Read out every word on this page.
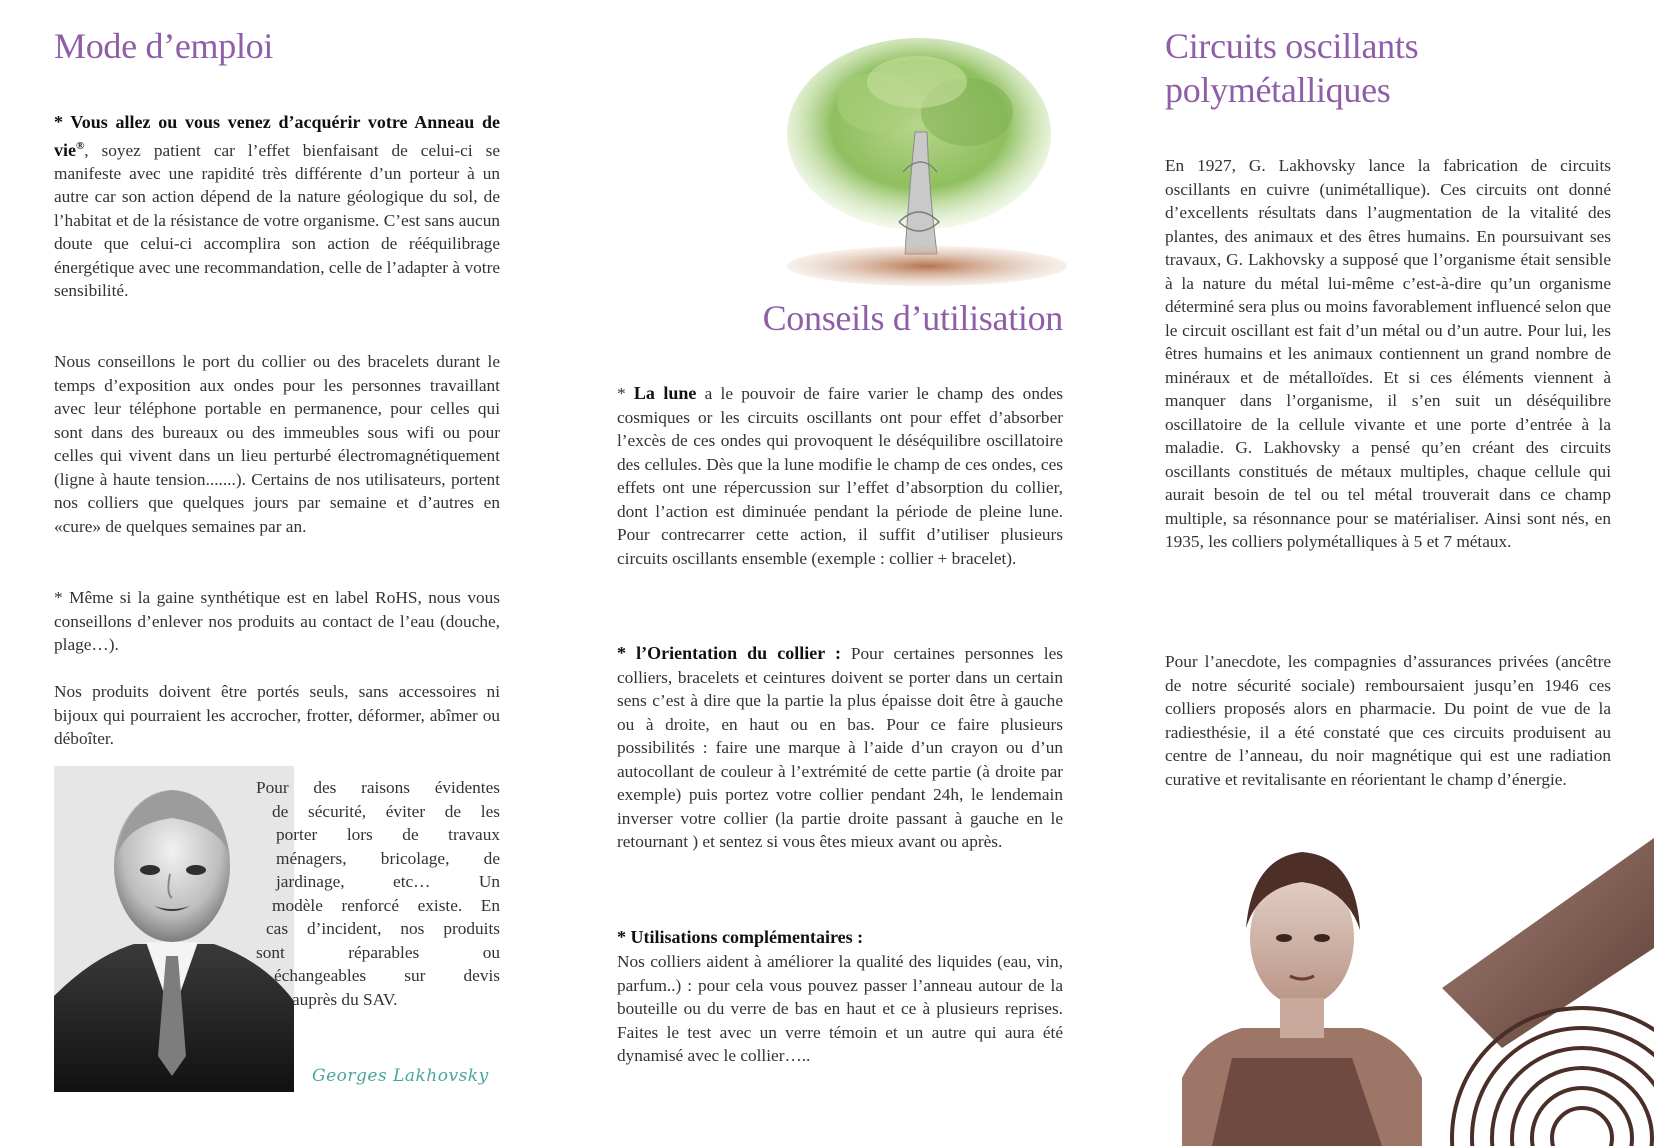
Mode d’emploi

* Vous allez ou vous venez d’acquérir votre Anneau de vie®, soyez patient car l’effet bienfaisant de celui-ci se manifeste avec une rapidité très différente d’un porteur à un autre car son action dépend de la nature géologique du sol, de l’habitat et de la résistance de votre organisme. C’est sans aucun doute que celui-ci accomplira son action de rééquilibrage énergétique avec une recommandation, celle de l’adapter à votre sensibilité.

Nous conseillons le port du collier ou des bracelets durant le temps d’exposition aux ondes pour les personnes travaillant avec leur téléphone portable en permanence, pour celles qui sont dans des bureaux ou des immeubles sous wifi ou pour celles qui vivent dans un lieu perturbé électromagnétiquement (ligne à haute tension.......). Certains de nos utilisateurs, portent nos colliers que quelques jours par semaine et d’autres en «cure» de quelques semaines par an.

* Même si la gaine synthétique est en label RoHS, nous vous conseillons d’enlever nos produits au contact de l’eau (douche, plage…).

Nos produits doivent être portés seuls, sans accessoires ni bijoux qui pourraient les accrocher, frotter, déformer, abîmer ou déboîter.

Pour des raisons évidentes
de sécurité, éviter de les
porter lors de travaux
ménagers, bricolage, de
jardinage, etc… Un
modèle renforcé existe. En
cas d’incident, nos produits
sont réparables ou
échangeables sur devis
auprès du SAV.

Georges Lakhovsky
Conseils d’utilisation

* La lune a le pouvoir de faire varier le champ des ondes cosmiques or les circuits oscillants ont pour effet d’absorber l’excès de ces ondes qui provoquent le déséquilibre oscillatoire des cellules. Dès que la lune modifie le champ de ces ondes, ces effets ont une répercussion sur l’effet d’absorption du collier, dont l’action est diminuée pendant la période de pleine lune. Pour contrecarrer cette action, il suffit d’utiliser plusieurs circuits oscillants ensemble (exemple : collier + bracelet).

* l’Orientation du collier : Pour certaines personnes les colliers, bracelets et ceintures doivent se porter dans un certain sens c’est à dire que la partie la plus épaisse doit être à gauche ou à droite, en haut ou en bas. Pour ce faire plusieurs possibilités : faire une marque à l’aide d’un crayon ou d’un autocollant de couleur à l’extrémité de cette partie (à droite par exemple) puis portez votre collier pendant 24h, le lendemain inverser votre collier (la partie droite passant à gauche en le retournant ) et sentez si vous êtes mieux avant ou après.

* Utilisations complémentaires :

Nos colliers aident à améliorer la qualité des liquides (eau, vin, parfum..) : pour cela vous pouvez passer l’anneau autour de la bouteille ou du verre de bas en haut et ce à plusieurs reprises. Faites le test avec un verre témoin et un autre qui aura été dynamisé avec le collier…..

Circuits oscillants polymétalliques

En 1927, G. Lakhovsky lance la fabrication de circuits oscillants en cuivre (unimétallique). Ces circuits ont donné d’excellents résultats dans l’augmentation de la vitalité des plantes, des animaux et des êtres humains. En poursuivant ses travaux, G. Lakhovsky a supposé que l’organisme était sensible à la nature du métal lui-même c’est-à-dire qu’un organisme déterminé sera plus ou moins favorablement influencé selon que le circuit oscillant est fait d’un métal ou d’un autre. Pour lui, les êtres humains et les animaux contiennent un grand nombre de minéraux et de métalloïdes. Et si ces éléments viennent à manquer dans l’organisme, il s’en suit un déséquilibre oscillatoire de la cellule vivante et une porte d’entrée à la maladie. G. Lakhovsky a pensé qu’en créant des circuits oscillants constitués de métaux multiples, chaque cellule qui aurait besoin de tel ou tel métal trouverait dans ce champ multiple, sa résonnance pour se matérialiser. Ainsi sont nés, en 1935, les colliers polymétalliques à 5 et 7 métaux.

Pour l’anecdote, les compagnies d’assurances privées (ancêtre de notre sécurité sociale) remboursaient jusqu’en 1946 ces colliers proposés alors en pharmacie. Du point de vue de la radiesthésie, il a été constaté que ces circuits produisent au centre de l’anneau, du noir magnétique qui est une radiation curative et revitalisante en réorientant le champ d’énergie.
